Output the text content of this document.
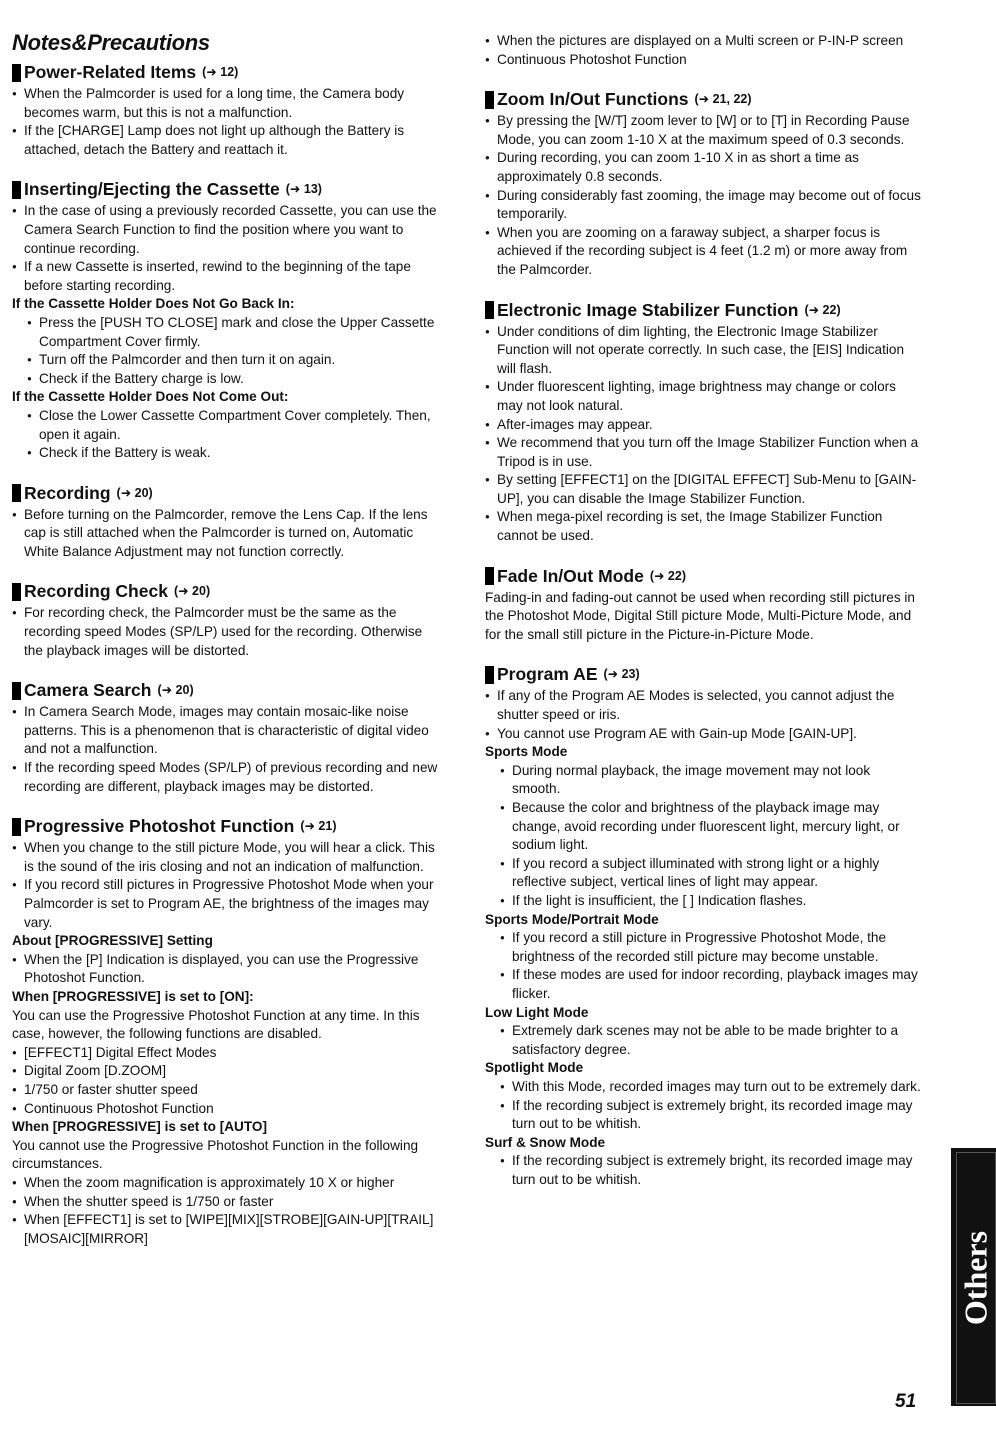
Notes&Precautions
Power-Related Items (➜ 12)
● When the Palmcorder is used for a long time, the Camera body becomes warm, but this is not a malfunction.
● If the [CHARGE] Lamp does not light up although the Battery is attached, detach the Battery and reattach it.
Inserting/Ejecting the Cassette (➜ 13)
● In the case of using a previously recorded Cassette, you can use the Camera Search Function to find the position where you want to continue recording.
● If a new Cassette is inserted, rewind to the beginning of the tape before starting recording.
If the Cassette Holder Does Not Go Back In:
● Press the [PUSH TO CLOSE] mark and close the Upper Cassette Compartment Cover firmly.
● Turn off the Palmcorder and then turn it on again.
● Check if the Battery charge is low.
If the Cassette Holder Does Not Come Out:
● Close the Lower Cassette Compartment Cover completely. Then, open it again.
● Check if the Battery is weak.
Recording (➜ 20)
● Before turning on the Palmcorder, remove the Lens Cap. If the lens cap is still attached when the Palmcorder is turned on, Automatic White Balance Adjustment may not function correctly.
Recording Check (➜ 20)
● For recording check, the Palmcorder must be the same as the recording speed Modes (SP/LP) used for the recording. Otherwise the playback images will be distorted.
Camera Search (➜ 20)
● In Camera Search Mode, images may contain mosaic-like noise patterns. This is a phenomenon that is characteristic of digital video and not a malfunction.
● If the recording speed Modes (SP/LP) of previous recording and new recording are different, playback images may be distorted.
Progressive Photoshot Function (➜ 21)
● When you change to the still picture Mode, you will hear a click. This is the sound of the iris closing and not an indication of malfunction.
● If you record still pictures in Progressive Photoshot Mode when your Palmcorder is set to Program AE, the brightness of the images may vary.
About [PROGRESSIVE] Setting
● When the [P] Indication is displayed, you can use the Progressive Photoshot Function.
When [PROGRESSIVE] is set to [ON]:
You can use the Progressive Photoshot Function at any time. In this case, however, the following functions are disabled.
● [EFFECT1] Digital Effect Modes
● Digital Zoom [D.ZOOM]
● 1/750 or faster shutter speed
● Continuous Photoshot Function
When [PROGRESSIVE] is set to [AUTO]
You cannot use the Progressive Photoshot Function in the following circumstances.
● When the zoom magnification is approximately 10 X or higher
● When the shutter speed is 1/750 or faster
● When [EFFECT1] is set to [WIPE][MIX][STROBE][GAIN-UP][TRAIL][MOSAIC][MIRROR]
● When the pictures are displayed on a Multi screen or P-IN-P screen
● Continuous Photoshot Function
Zoom In/Out Functions (➜ 21, 22)
● By pressing the [W/T] zoom lever to [W] or to [T] in Recording Pause Mode, you can zoom 1-10 X at the maximum speed of 0.3 seconds.
● During recording, you can zoom 1-10 X in as short a time as approximately 0.8 seconds.
● During considerably fast zooming, the image may become out of focus temporarily.
● When you are zooming on a faraway subject, a sharper focus is achieved if the recording subject is 4 feet (1.2 m) or more away from the Palmcorder.
Electronic Image Stabilizer Function (➜ 22)
● Under conditions of dim lighting, the Electronic Image Stabilizer Function will not operate correctly. In such case, the [EIS] Indication will flash.
● Under fluorescent lighting, image brightness may change or colors may not look natural.
● After-images may appear.
● We recommend that you turn off the Image Stabilizer Function when a Tripod is in use.
● By setting [EFFECT1] on the [DIGITAL EFFECT] Sub-Menu to [GAIN-UP], you can disable the Image Stabilizer Function.
● When mega-pixel recording is set, the Image Stabilizer Function cannot be used.
Fade In/Out Mode (➜ 22)
Fading-in and fading-out cannot be used when recording still pictures in the Photoshot Mode, Digital Still picture Mode, Multi-Picture Mode, and for the small still picture in the Picture-in-Picture Mode.
Program AE (➜ 23)
● If any of the Program AE Modes is selected, you cannot adjust the shutter speed or iris.
● You cannot use Program AE with Gain-up Mode [GAIN-UP].
Sports Mode
● During normal playback, the image movement may not look smooth.
● Because the color and brightness of the playback image may change, avoid recording under fluorescent light, mercury light, or sodium light.
● If you record a subject illuminated with strong light or a highly reflective subject, vertical lines of light may appear.
● If the light is insufficient, the [ ] Indication flashes.
Sports Mode/Portrait Mode
● If you record a still picture in Progressive Photoshot Mode, the brightness of the recorded still picture may become unstable.
● If these modes are used for indoor recording, playback images may flicker.
Low Light Mode
● Extremely dark scenes may not be able to be made brighter to a satisfactory degree.
Spotlight Mode
● With this Mode, recorded images may turn out to be extremely dark.
● If the recording subject is extremely bright, its recorded image may turn out to be whitish.
Surf & Snow Mode
● If the recording subject is extremely bright, its recorded image may turn out to be whitish.
Others
51
